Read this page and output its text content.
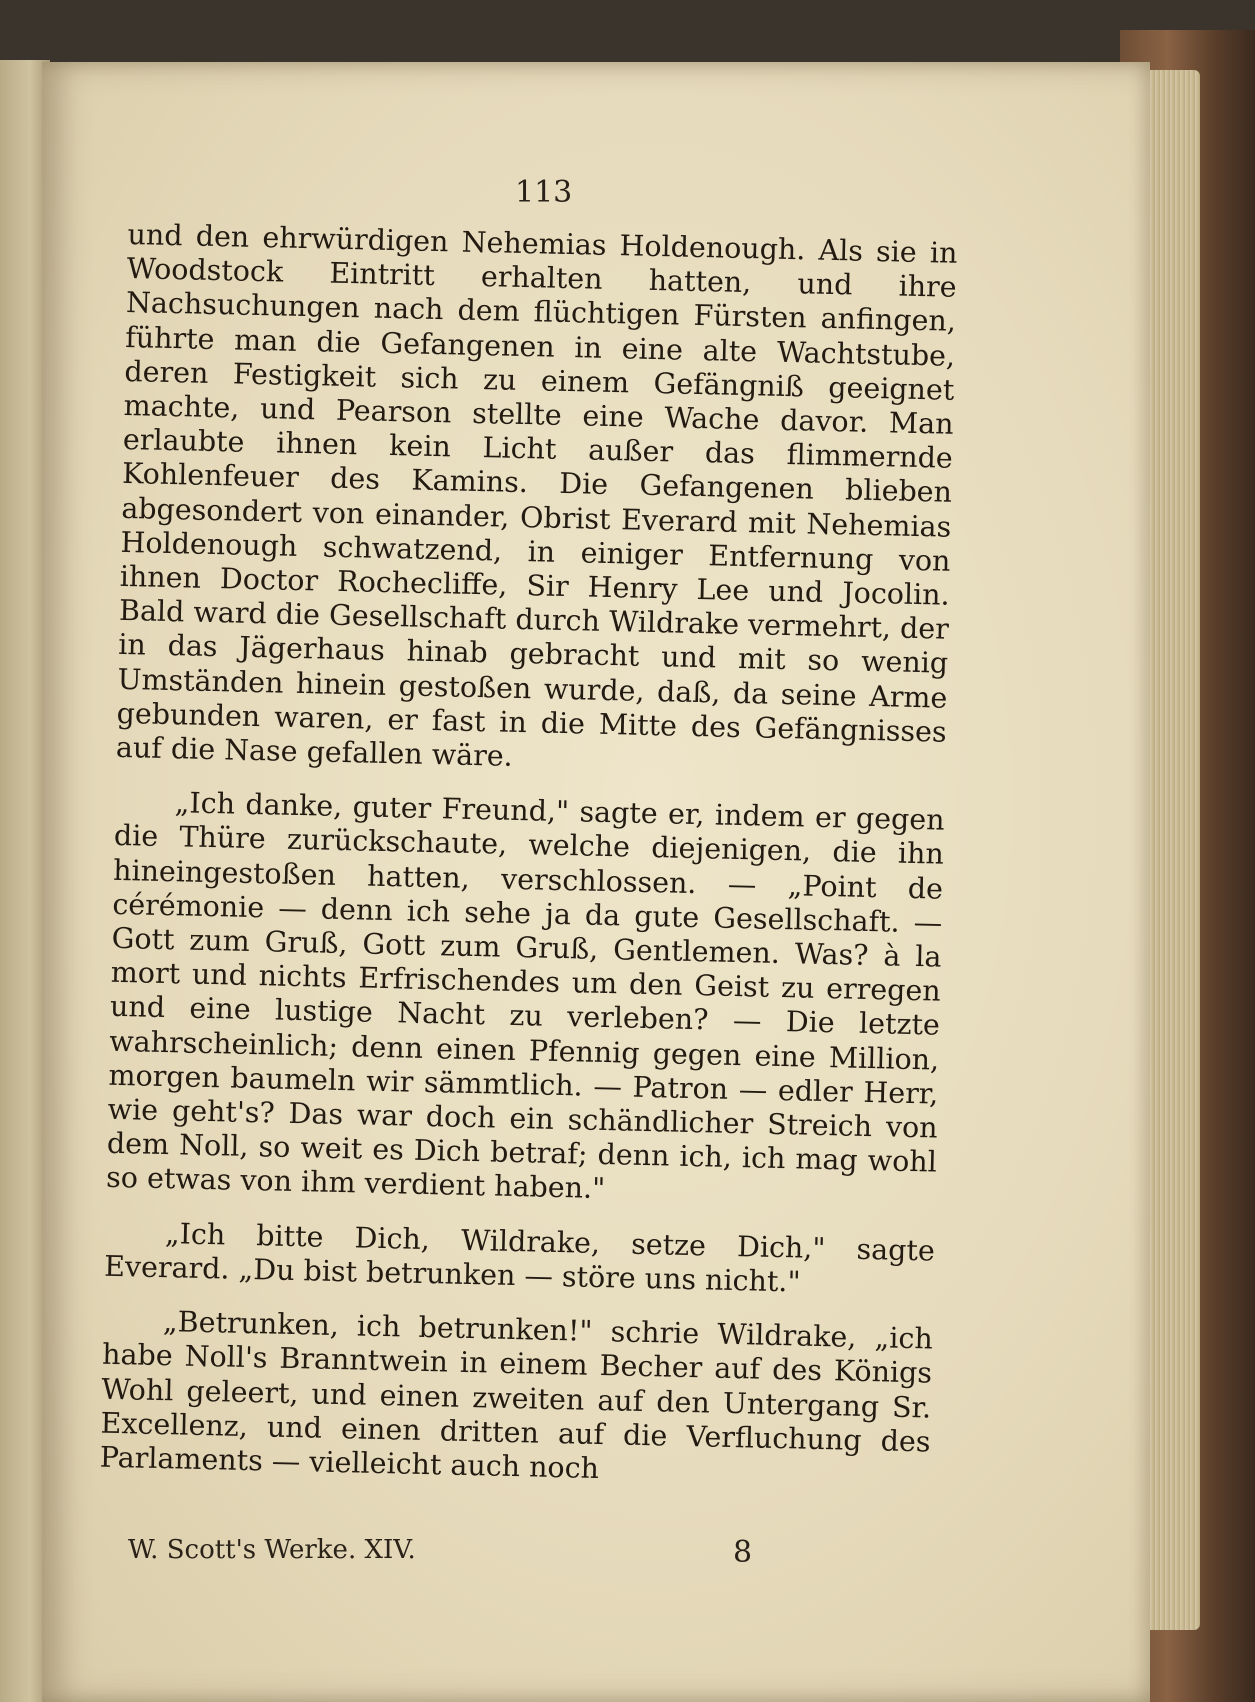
113

und den ehrwürdigen Nehemias Holdenough. Als sie in Woodstock Eintritt erhalten hatten, und ihre Nachsuchungen nach dem flüchtigen Fürsten anfingen, führte man die Gefangenen in eine alte Wachtstube, deren Festigkeit sich zu einem Gefängniß geeignet machte, und Pearson stellte eine Wache davor. Man erlaubte ihnen kein Licht außer das flimmernde Kohlenfeuer des Kamins. Die Gefangenen blieben abgesondert von einander, Obrist Everard mit Nehemias Holdenough schwatzend, in einiger Entfernung von ihnen Doctor Rochecliffe, Sir Henry Lee und Jocolin. Bald ward die Gesellschaft durch Wildrake vermehrt, der in das Jägerhaus hinab gebracht und mit so wenig Umständen hinein gestoßen wurde, daß, da seine Arme gebunden waren, er fast in die Mitte des Gefängnisses auf die Nase gefallen wäre.

„Ich danke, guter Freund," sagte er, indem er gegen die Thüre zurückschaute, welche diejenigen, die ihn hineingestoßen hatten, verschlossen. — „Point de cérémonie — denn ich sehe ja da gute Gesellschaft. — Gott zum Gruß, Gott zum Gruß, Gentlemen. Was? à la mort und nichts Erfrischendes um den Geist zu erregen und eine lustige Nacht zu verleben? — Die letzte wahrscheinlich; denn einen Pfennig gegen eine Million, morgen baumeln wir sämmtlich. — Patron — edler Herr, wie geht's? Das war doch ein schändlicher Streich von dem Noll, so weit es Dich betraf; denn ich, ich mag wohl so etwas von ihm verdient haben."

„Ich bitte Dich, Wildrake, setze Dich," sagte Everard. „Du bist betrunken — störe uns nicht."

„Betrunken, ich betrunken!" schrie Wildrake, „ich habe Noll's Branntwein in einem Becher auf des Königs Wohl geleert, und einen zweiten auf den Untergang Sr. Excellenz, und einen dritten auf die Verfluchung des Parlaments — vielleicht auch noch

W. Scott's Werke. XIV.	8
